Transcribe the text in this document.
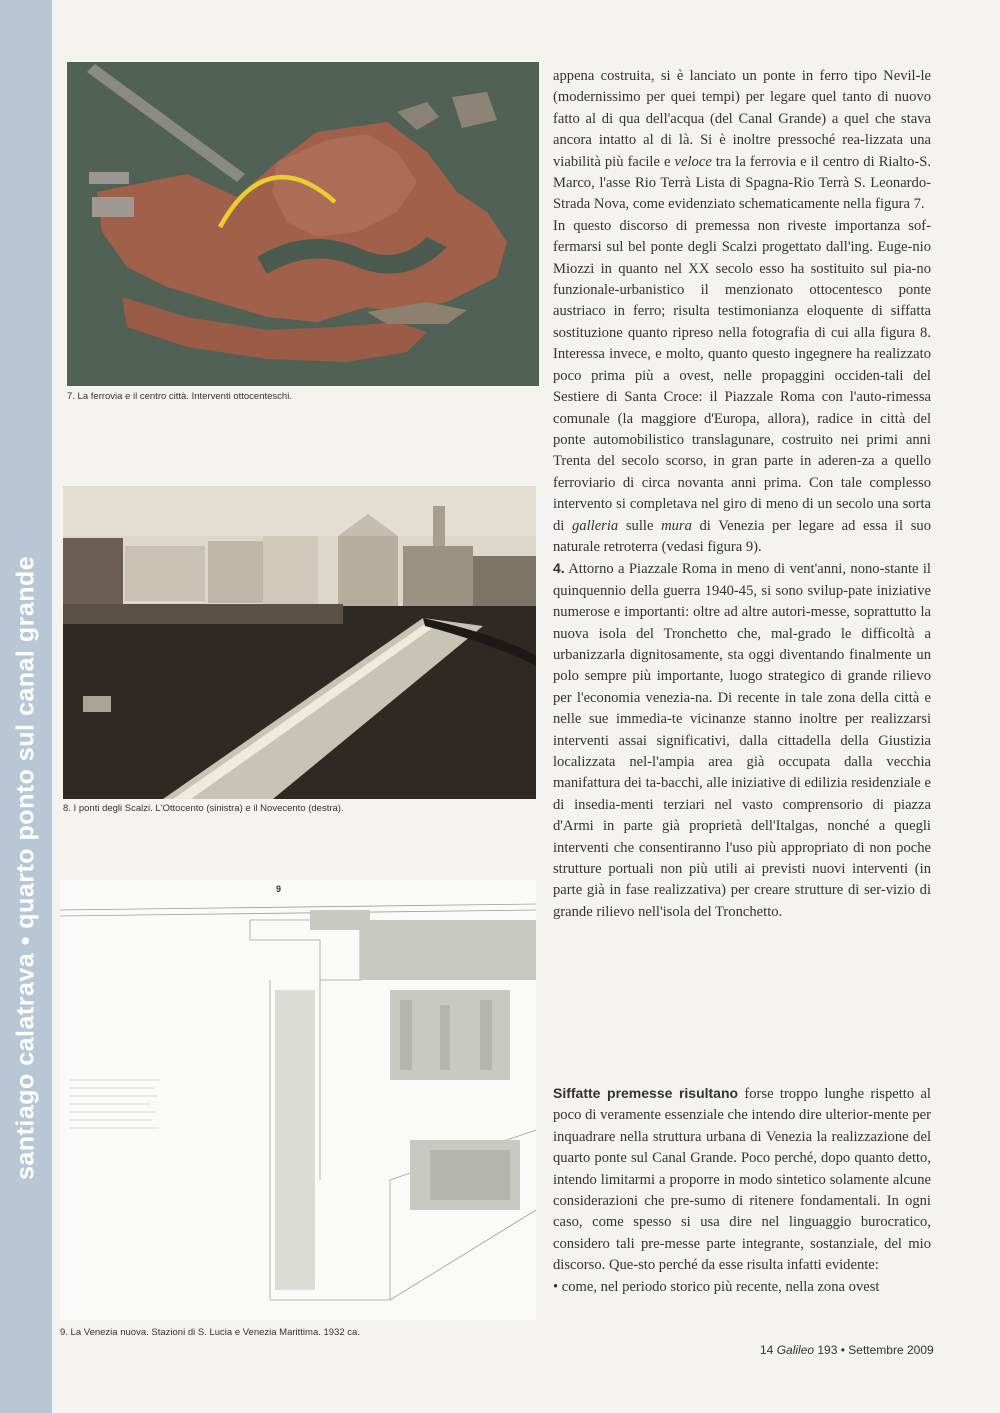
santiago calatrava • quarto ponto sul canal grande
7. La ferrovia e il centro città. Interventi ottocenteschi.
8. I ponti degli Scalzi. L'Ottocento (sinistra) e il Novecento (destra).
9
9. La Venezia nuova. Stazioni di S. Lucia e Venezia Marittima. 1932 ca.

appena costruita, si è lanciato un ponte in ferro tipo Nevil-le (modernissimo per quei tempi) per legare quel tanto di nuovo fatto al di qua dell'acqua (del Canal Grande) a quel che stava ancora intatto al di là. Si è inoltre pressoché rea-lizzata una viabilità più facile e veloce tra la ferrovia e il centro di Rialto-S. Marco, l'asse Rio Terrà Lista di Spagna-Rio Terrà S. Leonardo-Strada Nova, come evidenziato schematicamente nella figura 7.

In questo discorso di premessa non riveste importanza sof-fermarsi sul bel ponte degli Scalzi progettato dall'ing. Euge-nio Miozzi in quanto nel XX secolo esso ha sostituito sul pia-no funzionale-urbanistico il menzionato ottocentesco ponte austriaco in ferro; risulta testimonianza eloquente di siffatta sostituzione quanto ripreso nella fotografia di cui alla figura 8. Interessa invece, e molto, quanto questo ingegnere ha realizzato poco prima più a ovest, nelle propaggini occiden-tali del Sestiere di Santa Croce: il Piazzale Roma con l'auto-rimessa comunale (la maggiore d'Europa, allora), radice in città del ponte automobilistico translagunare, costruito nei primi anni Trenta del secolo scorso, in gran parte in aderen-za a quello ferroviario di circa novanta anni prima. Con tale complesso intervento si completava nel giro di meno di un secolo una sorta di galleria sulle mura di Venezia per legare ad essa il suo naturale retroterra (vedasi figura 9).

4. Attorno a Piazzale Roma in meno di vent'anni, nono-stante il quinquennio della guerra 1940-45, si sono svilup-pate iniziative numerose e importanti: oltre ad altre autori-messe, soprattutto la nuova isola del Tronchetto che, mal-grado le difficoltà a urbanizzarla dignitosamente, sta oggi diventando finalmente un polo sempre più importante, luogo strategico di grande rilievo per l'economia venezia-na. Di recente in tale zona della città e nelle sue immedia-te vicinanze stanno inoltre per realizzarsi interventi assai significativi, dalla cittadella della Giustizia localizzata nel-l'ampia area già occupata dalla vecchia manifattura dei ta-bacchi, alle iniziative di edilizia residenziale e di insedia-menti terziari nel vasto comprensorio di piazza d'Armi in parte già proprietà dell'Italgas, nonché a quegli interventi che consentiranno l'uso più appropriato di non poche strutture portuali non più utili ai previsti nuovi interventi (in parte già in fase realizzativa) per creare strutture di ser-vizio di grande rilievo nell'isola del Tronchetto.

Siffatte premesse risultano forse troppo lunghe rispetto al poco di veramente essenziale che intendo dire ulterior-mente per inquadrare nella struttura urbana di Venezia la realizzazione del quarto ponte sul Canal Grande. Poco perché, dopo quanto detto, intendo limitarmi a proporre in modo sintetico solamente alcune considerazioni che pre-sumo di ritenere fondamentali. In ogni caso, come spesso si usa dire nel linguaggio burocratico, considero tali pre-messe parte integrante, sostanziale, del mio discorso. Que-sto perché da esse risulta infatti evidente:

• come, nel periodo storico più recente, nella zona ovest

14 Galileo 193 • Settembre 2009
